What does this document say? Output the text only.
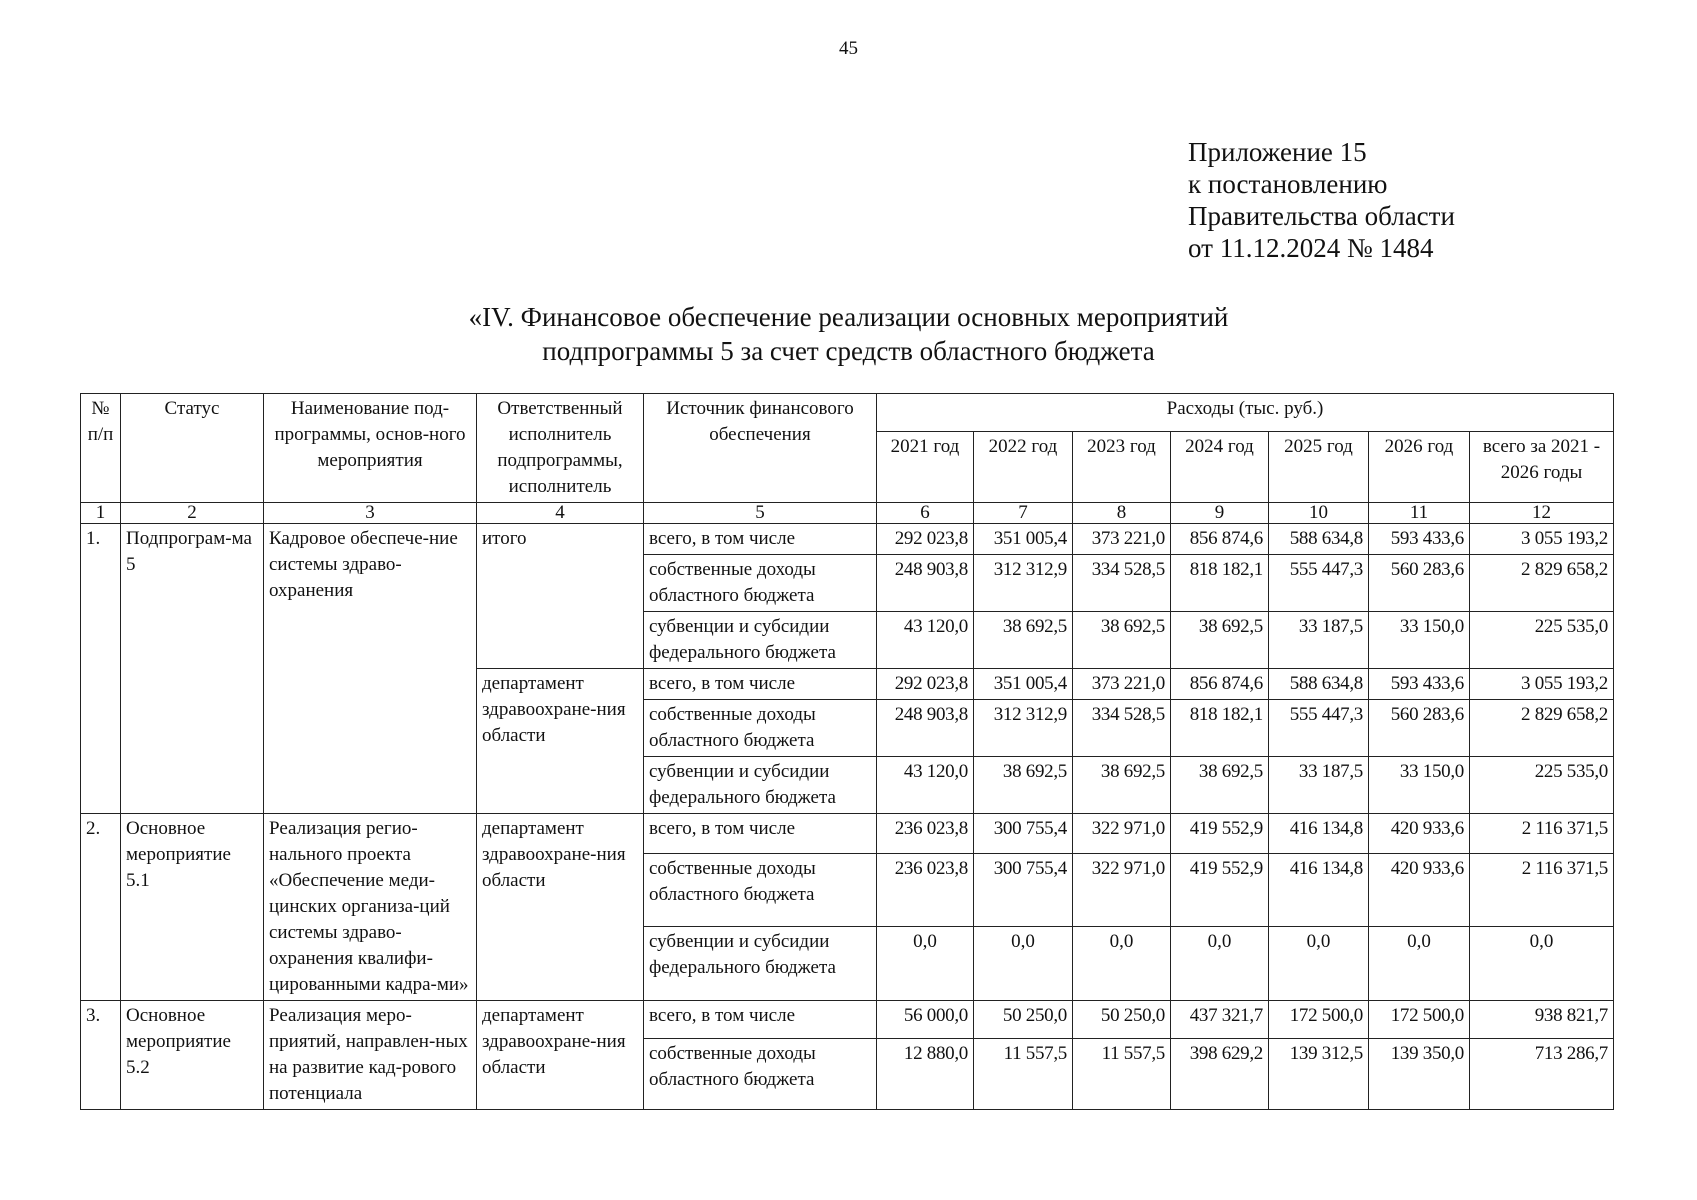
45
Приложение 15
к постановлению
Правительства области
от 11.12.2024 № 1484
«IV. Финансовое обеспечение реализации основных мероприятий
подпрограммы 5 за счет средств областного бюджета
№ п/п	Статус	Наименование под-программы, основ-ного мероприятия	Ответственный исполнитель подпрограммы, исполнитель	Источник финансового обеспечения	Расходы (тыс. руб.)						
					2021 год	2022 год	2023 год	2024 год	2025 год	2026 год	всего за 2021 - 2026 годы
1	2	3	4	5	6	7	8	9	10	11	12
1.	Подпрограм-ма 5	Кадровое обеспече-ние системы здраво-охранения	итого	всего, в том числе	292 023,8	351 005,4	373 221,0	856 874,6	588 634,8	593 433,6	3 055 193,2
				собственные доходы областного бюджета	248 903,8	312 312,9	334 528,5	818 182,1	555 447,3	560 283,6	2 829 658,2
				субвенции и субсидии федерального бюджета	43 120,0	38 692,5	38 692,5	38 692,5	33 187,5	33 150,0	225 535,0
			департамент здравоохране-ния области	всего, в том числе	292 023,8	351 005,4	373 221,0	856 874,6	588 634,8	593 433,6	3 055 193,2
				собственные доходы областного бюджета	248 903,8	312 312,9	334 528,5	818 182,1	555 447,3	560 283,6	2 829 658,2
				субвенции и субсидии федерального бюджета	43 120,0	38 692,5	38 692,5	38 692,5	33 187,5	33 150,0	225 535,0
2.	Основное мероприятие 5.1	Реализация регио-нального проекта «Обеспечение меди-цинских организа-ций системы здраво-охранения квалифи-цированными кадра-ми»	департамент здравоохране-ния области	всего, в том числе	236 023,8	300 755,4	322 971,0	419 552,9	416 134,8	420 933,6	2 116 371,5
				собственные доходы областного бюджета	236 023,8	300 755,4	322 971,0	419 552,9	416 134,8	420 933,6	2 116 371,5
				субвенции и субсидии федерального бюджета	0,0	0,0	0,0	0,0	0,0	0,0	0,0
3.	Основное мероприятие 5.2	Реализация меро-приятий, направлен-ных на развитие кад-рового потенциала	департамент здравоохране-ния области	всего, в том числе	56 000,0	50 250,0	50 250,0	437 321,7	172 500,0	172 500,0	938 821,7
				собственные доходы областного бюджета	12 880,0	11 557,5	11 557,5	398 629,2	139 312,5	139 350,0	713 286,7
